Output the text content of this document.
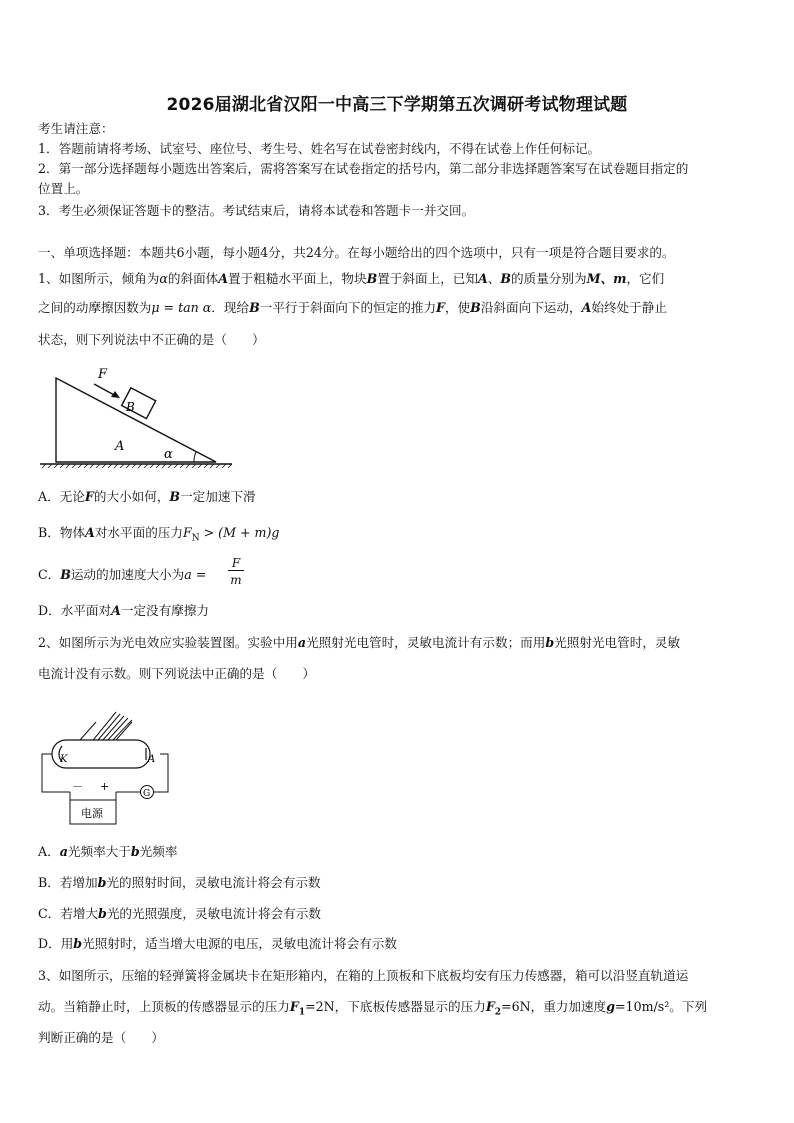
2026届湖北省汉阳一中高三下学期第五次调研考试物理试题
考生请注意：
1．答题前请将考场、试室号、座位号、考生号、姓名写在试卷密封线内，不得在试卷上作任何标记。
2．第一部分选择题每小题选出答案后，需将答案写在试卷指定的括号内，第二部分非选择题答案写在试卷题目指定的
位置上。
3．考生必须保证答题卡的整洁。考试结束后，请将本试卷和答题卡一并交回。
一、单项选择题：本题共6小题，每小题4分，共24分。在每小题给出的四个选项中，只有一项是符合题目要求的。
1、如图所示，倾角为α的斜面体A置于粗糙水平面上，物块B置于斜面上，已知A、B的质量分别为M、m，它们
之间的动摩擦因数为μ = tan α．现给B一平行于斜面向下的恒定的推力F，使B沿斜面向下运动，A始终处于静止
状态，则下列说法中不正确的是（　　）
F
B
A
α
A．无论F的大小如何，B一定加速下滑
B．物体A对水平面的压力$F_N > (M + m)g$
C．B运动的加速度大小为a =
F
m
D．水平面对A一定没有摩擦力
2、如图所示为光电效应实验装置图。实验中用a光照射光电管时，灵敏电流计有示数；而用b光照射光电管时，灵敏
电流计没有示数。则下列说法中正确的是（　　）
K	A
－ +
G
电源
A．a光频率大于b光频率
B．若增加b光的照射时间，灵敏电流计将会有示数
C．若增大b光的光照强度，灵敏电流计将会有示数
D．用b光照射时，适当增大电源的电压，灵敏电流计将会有示数
3、如图所示，压缩的轻弹簧将金属块卡在矩形箱内，在箱的上顶板和下底板均安有压力传感器，箱可以沿竖直轨道运
动。当箱静止时，上顶板的传感器显示的压力$F_1=2N$，下底板传感器显示的压力$F_2=6N$，重力加速度g=10m/s²。下列
判断正确的是（　　）
